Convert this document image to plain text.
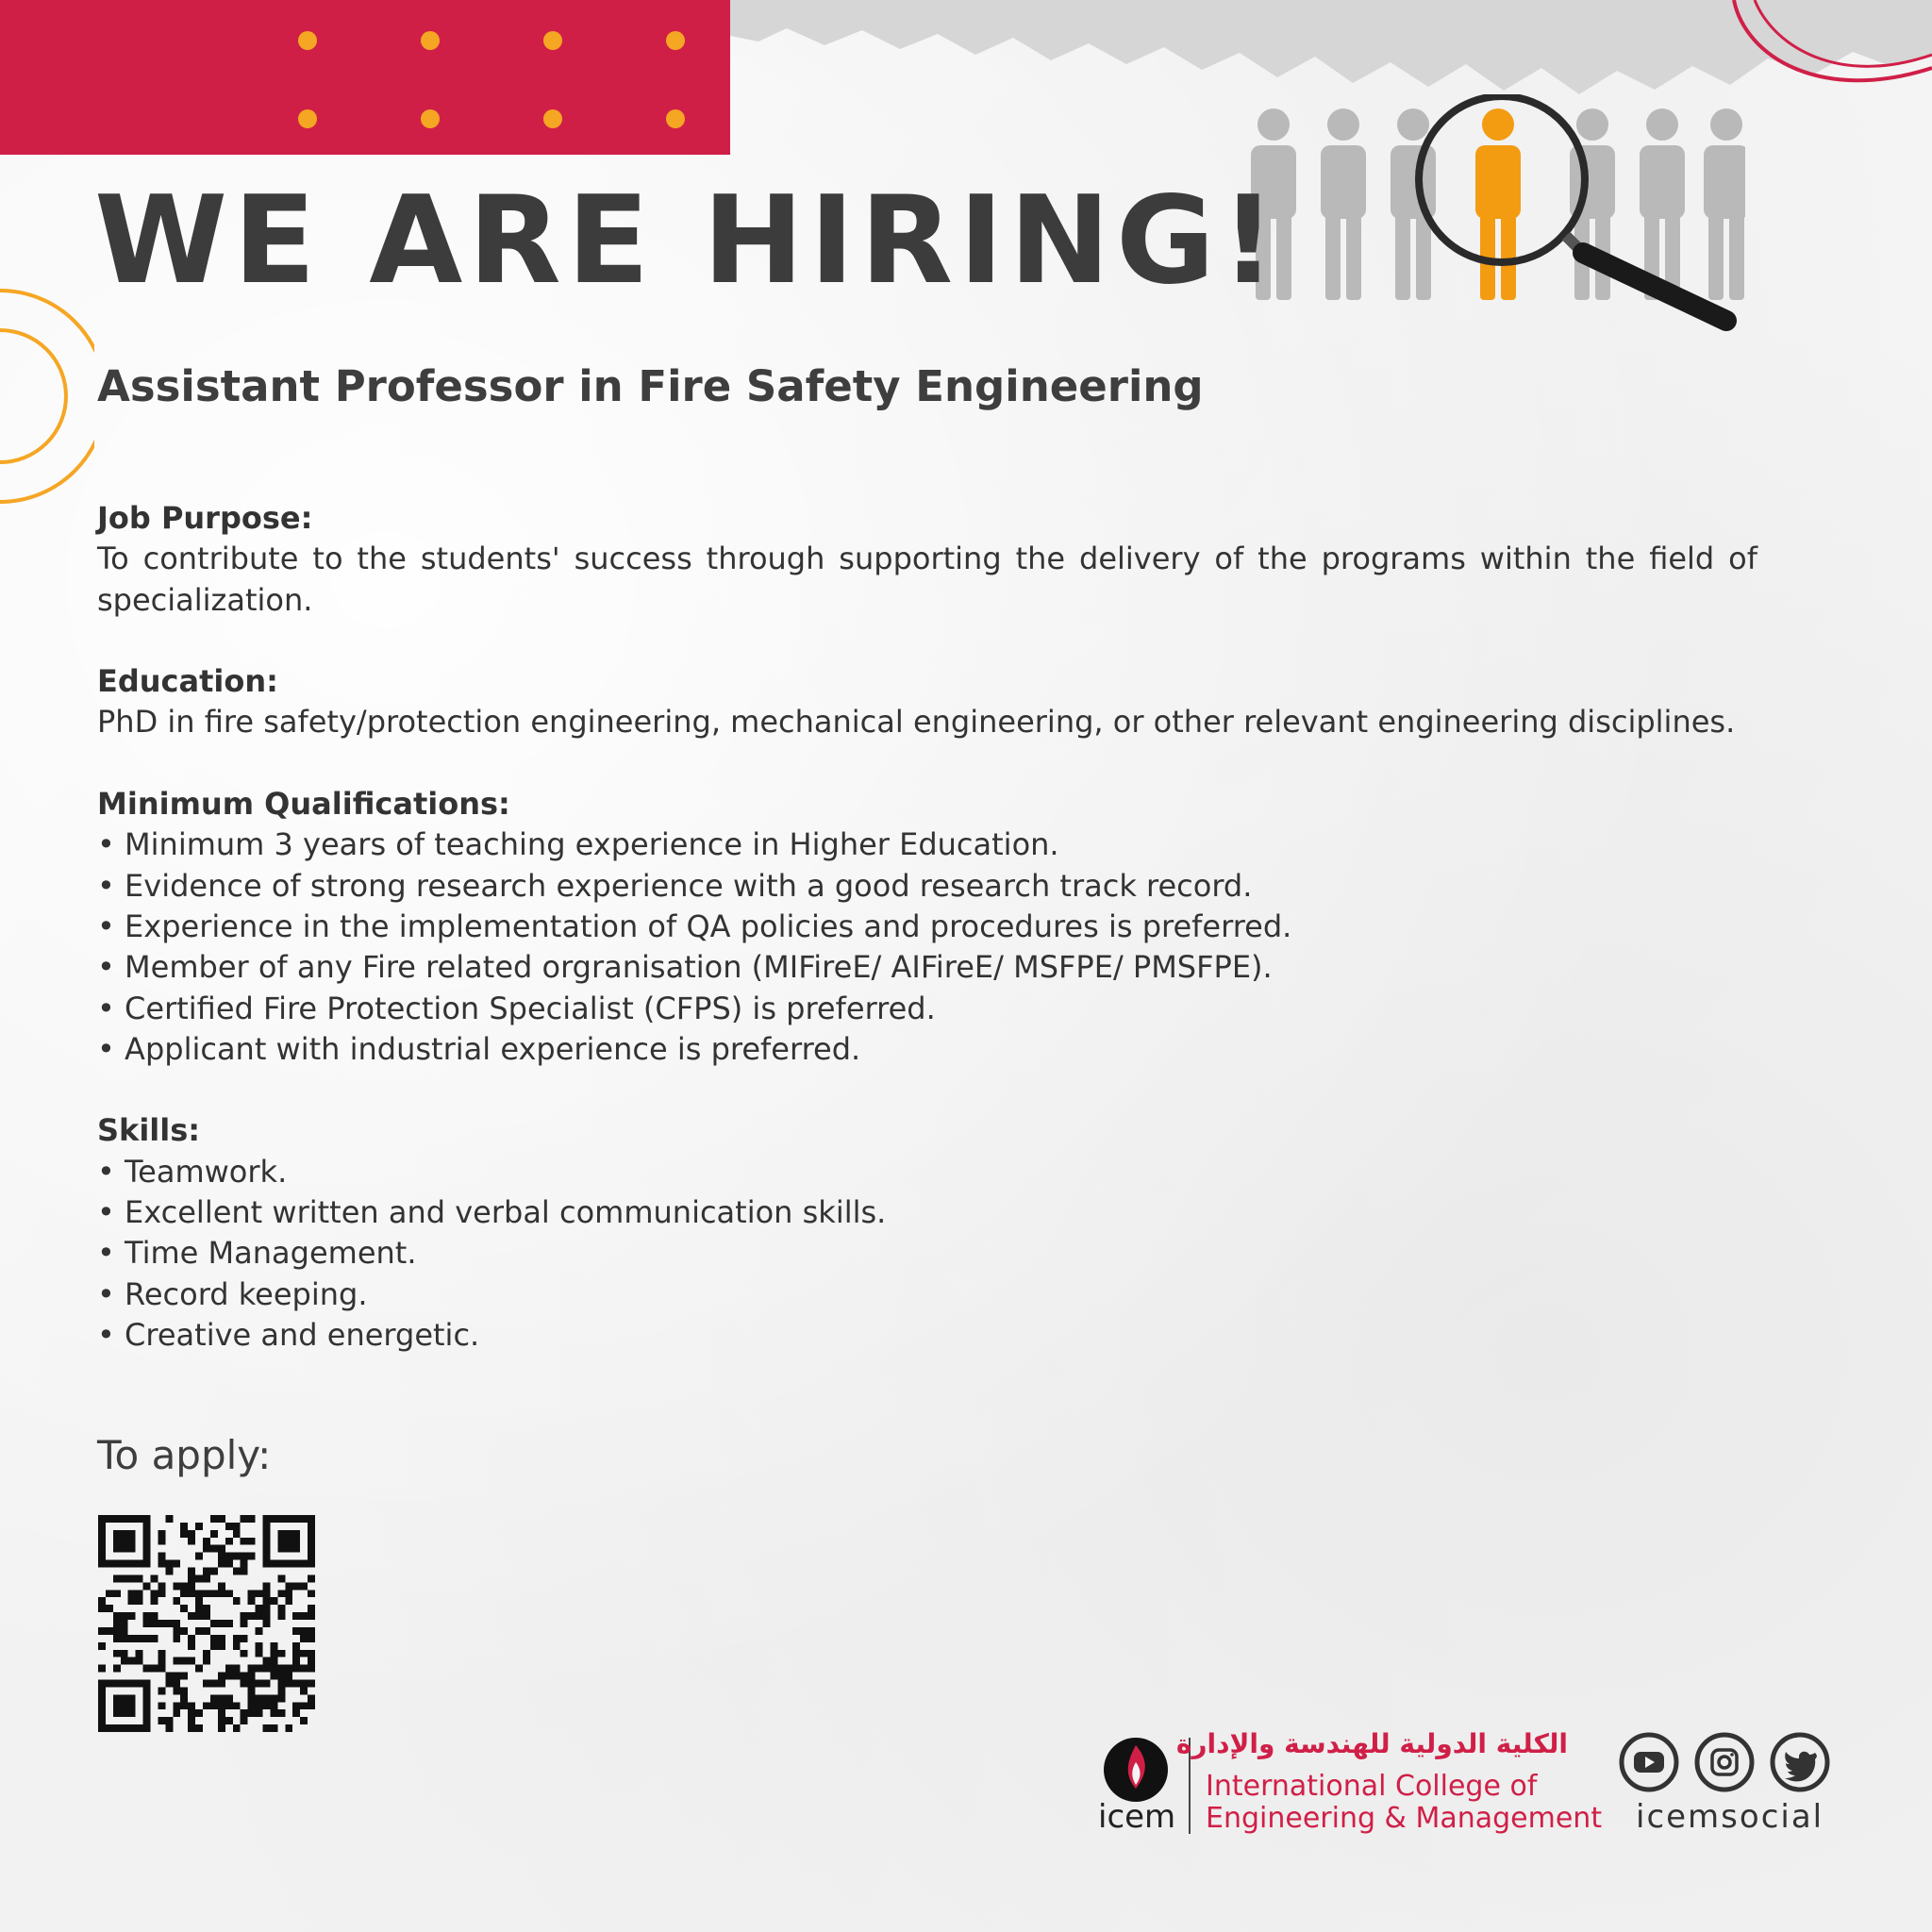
WE ARE HIRING!
Assistant Professor in Fire Safety Engineering
Job Purpose:
To contribute to the students' success through supporting the delivery of the programs within the field of specialization.
Education:
PhD in fire safety/protection engineering, mechanical engineering, or other relevant engineering disciplines.
Minimum Qualifications:
• Minimum 3 years of teaching experience in Higher Education.
• Evidence of strong research experience with a good research track record.
• Experience in the implementation of QA policies and procedures is preferred.
• Member of any Fire related orgranisation (MIFireE/ AIFireE/ MSFPE/ PMSFPE).
• Certified Fire Protection Specialist (CFPS) is preferred.
• Applicant with industrial experience is preferred.
Skills:
• Teamwork.
• Excellent written and verbal communication skills.
• Time Management.
• Record keeping.
• Creative and energetic.
To apply:
icem
الكلية الدولية للهندسة والإدارة
International College of
Engineering & Management icemsocial
